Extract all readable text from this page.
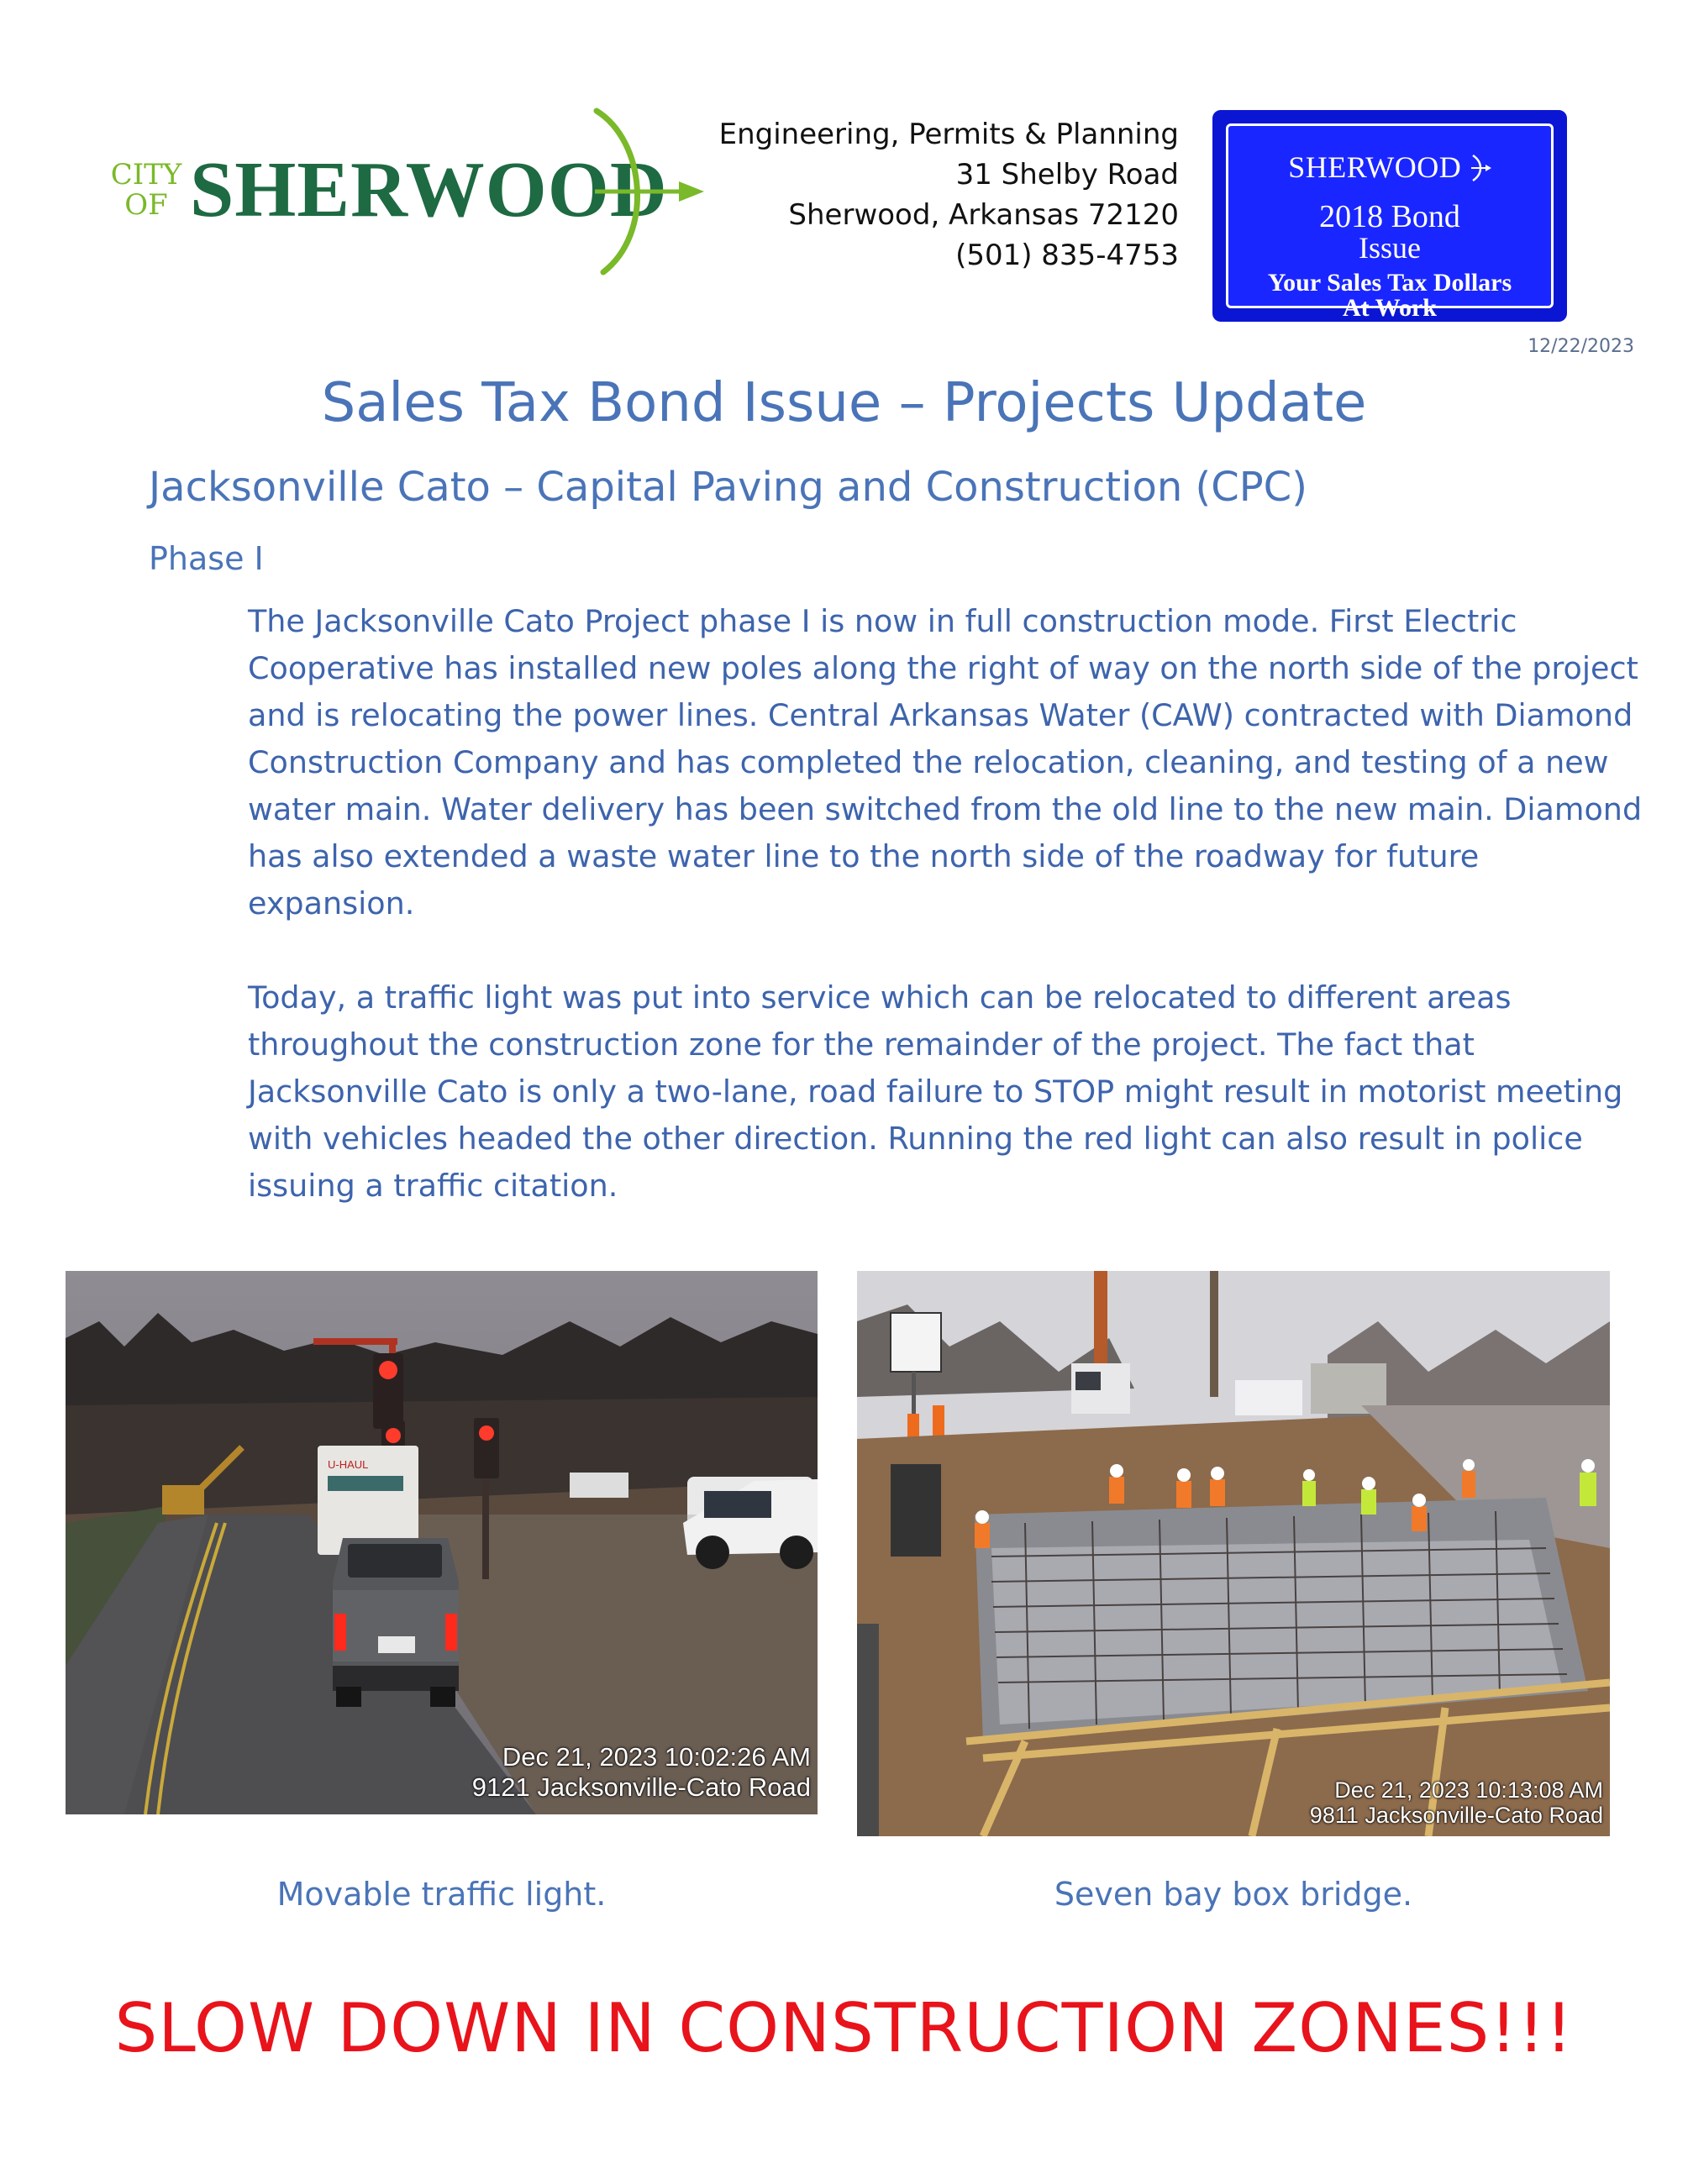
CITY
OF SHERWOOD
Engineering, Permits & Planning
31 Shelby Road
Sherwood, Arkansas 72120
(501) 835-4753
SHERWOOD
2018 Bond
Issue
Your Sales Tax Dollars
At Work
12/22/2023
Sales Tax Bond Issue – Projects Update
Jacksonville Cato – Capital Paving and Construction (CPC)
Phase I
The Jacksonville Cato Project phase I is now in full construction mode. First Electric Cooperative has installed new poles along the right of way on the north side of the project and is relocating the power lines. Central Arkansas Water (CAW) contracted with Diamond Construction Company and has completed the relocation, cleaning, and testing of a new water main. Water delivery has been switched from the old line to the new main. Diamond has also extended a waste water line to the north side of the roadway for future expansion.
Today, a traffic light was put into service which can be relocated to different areas throughout the construction zone for the remainder of the project. The fact that Jacksonville Cato is only a two-lane, road failure to STOP might result in motorist meeting with vehicles headed the other direction. Running the red light can also result in police issuing a traffic citation.
U-HAUL
Dec 21, 2023 10:02:26 AM
9121 Jacksonville-Cato Road	Dec 21, 2023 10:13:08 AM
9811 Jacksonville-Cato Road
Movable traffic light.	Seven bay box bridge.
SLOW DOWN IN CONSTRUCTION ZONES!!!
